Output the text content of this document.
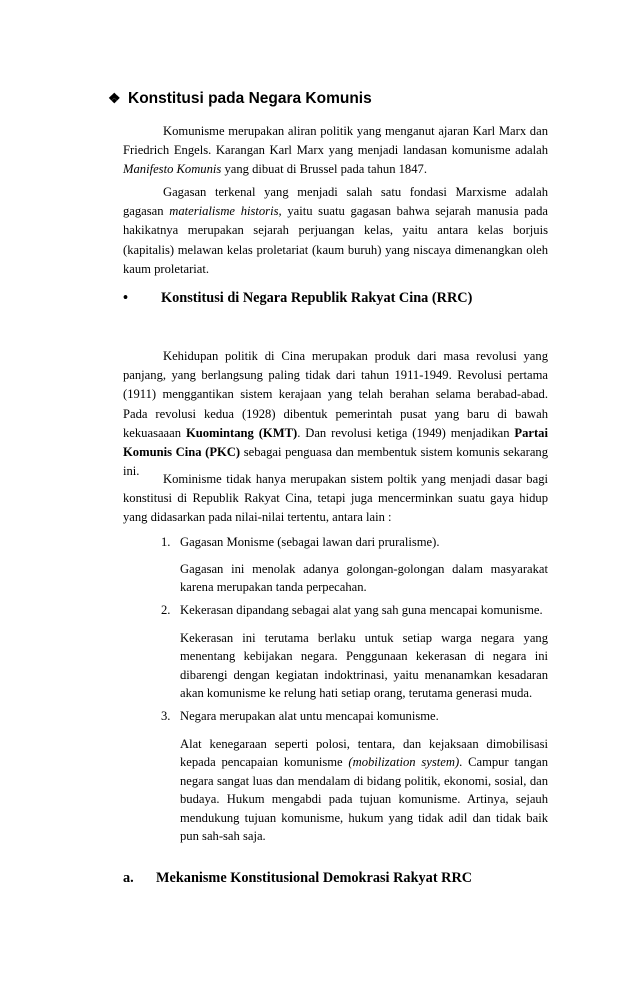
❖ Konstitusi pada Negara Komunis
Komunisme merupakan aliran politik yang menganut ajaran Karl Marx dan Friedrich Engels. Karangan Karl Marx yang menjadi landasan komunisme adalah Manifesto Komunis yang dibuat di Brussel pada tahun 1847.
Gagasan terkenal yang menjadi salah satu fondasi Marxisme adalah gagasan materialisme historis, yaitu suatu gagasan bahwa sejarah manusia pada hakikatnya merupakan sejarah perjuangan kelas, yaitu antara kelas borjuis (kapitalis) melawan kelas proletariat (kaum buruh) yang niscaya dimenangkan oleh kaum proletariat.
• Konstitusi di Negara Republik Rakyat Cina (RRC)
Kehidupan politik di Cina merupakan produk dari masa revolusi yang panjang, yang berlangsung paling tidak dari tahun 1911-1949. Revolusi pertama (1911) menggantikan sistem kerajaan yang telah berahan selama berabad-abad. Pada revolusi kedua (1928) dibentuk pemerintah pusat yang baru di bawah kekuasaaan Kuomintang (KMT). Dan revolusi ketiga (1949) menjadikan Partai Komunis Cina (PKC) sebagai penguasa dan membentuk sistem komunis sekarang ini.
Kominisme tidak hanya merupakan sistem poltik yang menjadi dasar bagi konstitusi di Republik Rakyat Cina, tetapi juga mencerminkan suatu gaya hidup yang didasarkan pada nilai-nilai tertentu, antara lain :
1. Gagasan Monisme (sebagai lawan dari pruralisme).
Gagasan ini menolak adanya golongan-golongan dalam masyarakat karena merupakan tanda perpecahan.
2. Kekerasan dipandang sebagai alat yang sah guna mencapai komunisme.
Kekerasan ini terutama berlaku untuk setiap warga negara yang menentang kebijakan negara. Penggunaan kekerasan di negara ini dibarengi dengan kegiatan indoktrinasi, yaitu menanamkan kesadaran akan komunisme ke relung hati setiap orang, terutama generasi muda.
3. Negara merupakan alat untu mencapai komunisme.
Alat kenegaraan seperti polosi, tentara, dan kejaksaan dimobilisasi kepada pencapaian komunisme (mobilization system). Campur tangan negara sangat luas dan mendalam di bidang politik, ekonomi, sosial, dan budaya. Hukum mengabdi pada tujuan komunisme. Artinya, sejauh mendukung tujuan komunisme, hukum yang tidak adil dan tidak baik pun sah-sah saja.
a. Mekanisme Konstitusional Demokrasi Rakyat RRC
